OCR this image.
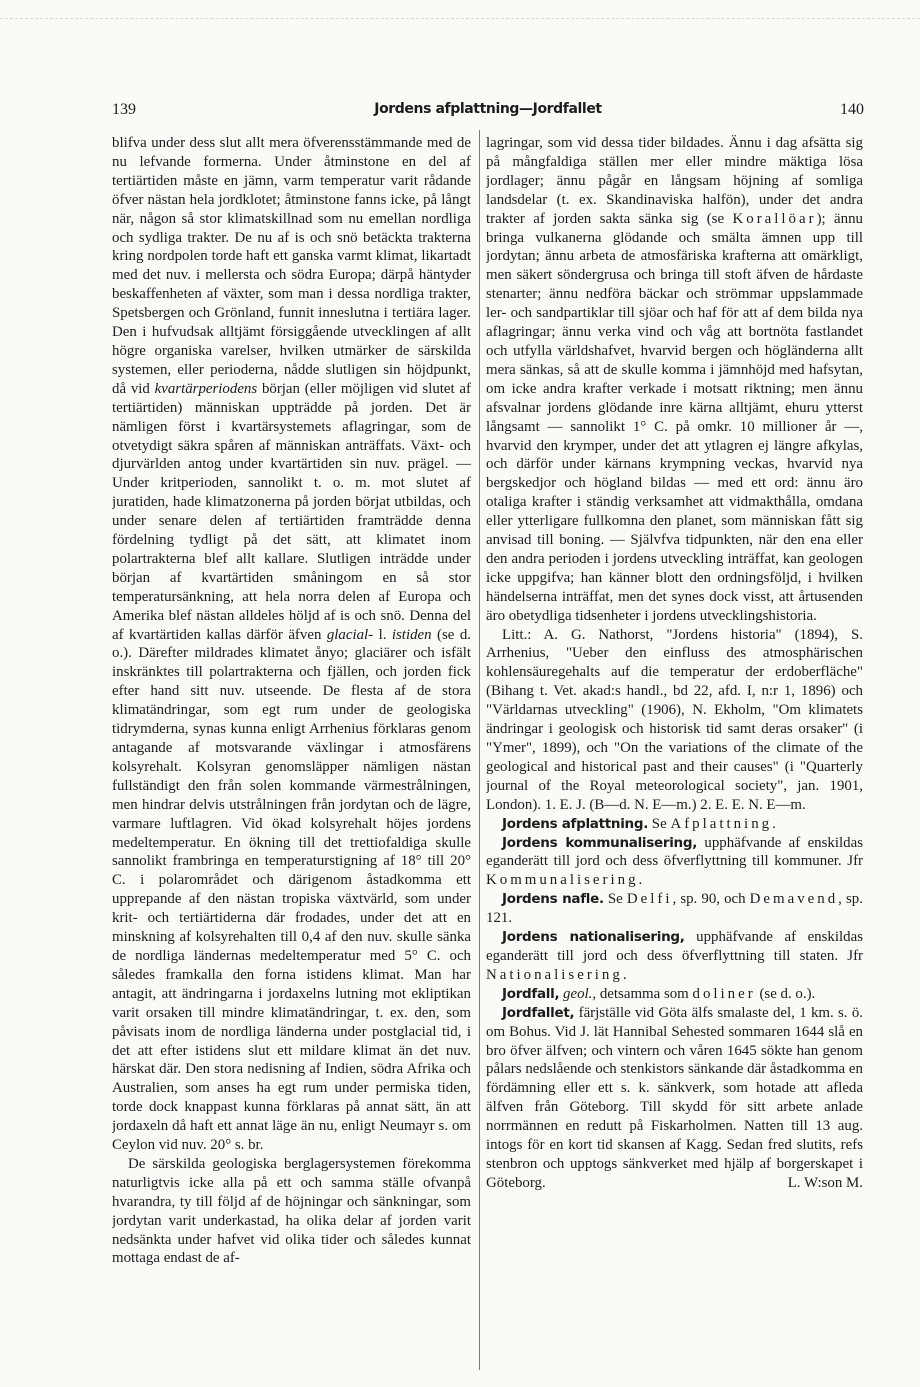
139	Jordens afplattning—Jordfallet	140

blifva under dess slut allt mera öfverensstämmande med de nu lefvande formerna. Under åtminstone en del af tertiärtiden måste en jämn, varm temperatur varit rådande öfver nästan hela jordklotet; åtminstone fanns icke, på långt när, någon så stor klimatskillnad som nu emellan nordliga och sydliga trakter. De nu af is och snö betäckta trakterna kring nordpolen torde haft ett ganska varmt klimat, likartadt med det nuv. i mellersta och södra Europa; därpå häntyder beskaffenheten af växter, som man i dessa nordliga trakter, Spetsbergen och Grönland, funnit inneslutna i tertiära lager. Den i hufvudsak alltjämt försiggående utvecklingen af allt högre organiska varelser, hvilken utmärker de särskilda systemen, eller perioderna, nådde slutligen sin höjdpunkt, då vid kvartärperiodens början (eller möjligen vid slutet af tertiärtiden) människan uppträdde på jorden. Det är nämligen först i kvartärsystemets aflagringar, som de otvetydigt säkra spåren af människan anträffats. Växt- och djurvärlden antog under kvartärtiden sin nuv. prägel. — Under kritperioden, sannolikt t. o. m. mot slutet af juratiden, hade klimatzonerna på jorden börjat utbildas, och under senare delen af tertiärtiden framträdde denna fördelning tydligt på det sätt, att klimatet inom polartrakterna blef allt kallare. Slutligen inträdde under början af kvartärtiden småningom en så stor temperatursänkning, att hela norra delen af Europa och Amerika blef nästan alldeles höljd af is och snö. Denna del af kvartärtiden kallas därför äfven glacial- l. istiden (se d. o.). Därefter mildrades klimatet ånyo; glaciärer och isfält inskränktes till polartrakterna och fjällen, och jorden fick efter hand sitt nuv. utseende. De flesta af de stora klimatändringar, som egt rum under de geologiska tidrymderna, synas kunna enligt Arrhenius förklaras genom antagande af motsvarande växlingar i atmosfärens kolsyrehalt. Kolsyran genomsläpper nämligen nästan fullständigt den från solen kommande värmestrålningen, men hindrar delvis utstrålningen från jordytan och de lägre, varmare luftlagren. Vid ökad kolsyrehalt höjes jordens medeltemperatur. En ökning till det trettiofaldiga skulle sannolikt frambringa en temperaturstigning af 18° till 20° C. i polarområdet och därigenom åstadkomma ett upprepande af den nästan tropiska växtvärld, som under krit- och tertiärtiderna där frodades, under det att en minskning af kolsyrehalten till 0,4 af den nuv. skulle sänka de nordliga ländernas medeltemperatur med 5° C. och således framkalla den forna istidens klimat. Man har antagit, att ändringarna i jordaxelns lutning mot ekliptikan varit orsaken till mindre klimatändringar, t. ex. den, som påvisats inom de nordliga länderna under postglacial tid, i det att efter istidens slut ett mildare klimat än det nuv. härskat där. Den stora nedisning af Indien, södra Afrika och Australien, som anses ha egt rum under permiska tiden, torde dock knappast kunna förklaras på annat sätt, än att jordaxeln då haft ett annat läge än nu, enligt Neumayr s. om Ceylon vid nuv. 20° s. br.

De särskilda geologiska berglagersystemen förekomma naturligtvis icke alla på ett och samma ställe ofvanpå hvarandra, ty till följd af de höjningar och sänkningar, som jordytan varit underkastad, ha olika delar af jorden varit nedsänkta under hafvet vid olika tider och således kunnat mottaga endast de af-

lagringar, som vid dessa tider bildades. Ännu i dag afsätta sig på mångfaldiga ställen mer eller mindre mäktiga lösa jordlager; ännu pågår en långsam höjning af somliga landsdelar (t. ex. Skandinaviska halfön), under det andra trakter af jorden sakta sänka sig (se Korallöar); ännu bringa vulkanerna glödande och smälta ämnen upp till jordytan; ännu arbeta de atmosfäriska krafterna att omärkligt, men säkert söndergrusa och bringa till stoft äfven de hårdaste stenarter; ännu nedföra bäckar och strömmar uppslammade ler- och sandpartiklar till sjöar och haf för att af dem bilda nya aflagringar; ännu verka vind och våg att bortnöta fastlandet och utfylla världshafvet, hvarvid bergen och högländerna allt mera sänkas, så att de skulle komma i jämnhöjd med hafsytan, om icke andra krafter verkade i motsatt riktning; men ännu afsvalnar jordens glödande inre kärna alltjämt, ehuru ytterst långsamt — sannolikt 1° C. på omkr. 10 millioner år —, hvarvid den krymper, under det att ytlagren ej längre afkylas, och därför under kärnans krympning veckas, hvarvid nya bergskedjor och högland bildas — med ett ord: ännu äro otaliga krafter i ständig verksamhet att vidmakthålla, omdana eller ytterligare fullkomna den planet, som människan fått sig anvisad till boning. — Självfva tidpunkten, när den ena eller den andra perioden i jordens utveckling inträffat, kan geologen icke uppgifva; han känner blott den ordningsföljd, i hvilken händelserna inträffat, men det synes dock visst, att årtusenden äro obetydliga tidsenheter i jordens utvecklingshistoria.

Litt.: A. G. Nathorst, "Jordens historia" (1894), S. Arrhenius, "Ueber den einfluss des atmosphärischen kohlensäuregehalts auf die temperatur der erdoberfläche" (Bihang t. Vet. akad:s handl., bd 22, afd. I, n:r 1, 1896) och "Världarnas utveckling" (1906), N. Ekholm, "Om klimatets ändringar i geologisk och historisk tid samt deras orsaker" (i "Ymer", 1899), och "On the variations of the climate of the geological and historical past and their causes" (i "Quarterly journal of the Royal meteorological society", jan. 1901, London). 1. E. J. (B—d. N. E—m.) 2. E. E. N. E—m.

Jordens afplattning. Se Afplattning.

Jordens kommunalisering, upphäfvande af enskildas eganderätt till jord och dess öfverflyttning till kommuner. Jfr Kommunalisering.

Jordens nafle. Se Delfi, sp. 90, och Demavend, sp. 121.

Jordens nationalisering, upphäfvande af enskildas eganderätt till jord och dess öfverflyttning till staten. Jfr Nationalisering.

Jordfall, geol., detsamma som doliner (se d. o.).

Jordfallet, färjställe vid Göta älfs smalaste del, 1 km. s. ö. om Bohus. Vid J. lät Hannibal Sehested sommaren 1644 slå en bro öfver älfven; och vintern och våren 1645 sökte han genom pålars nedslående och stenkistors sänkande där åstadkomma en fördämning eller ett s. k. sänkverk, som hotade att afleda älfven från Göteborg. Till skydd för sitt arbete anlade norrmännen en redutt på Fiskarholmen. Natten till 13 aug. intogs för en kort tid skansen af Kagg. Sedan fred slutits, refs stenbron och upptogs sänkverket med hjälp af borgerskapet i Göteborg.	L. W:son M.
